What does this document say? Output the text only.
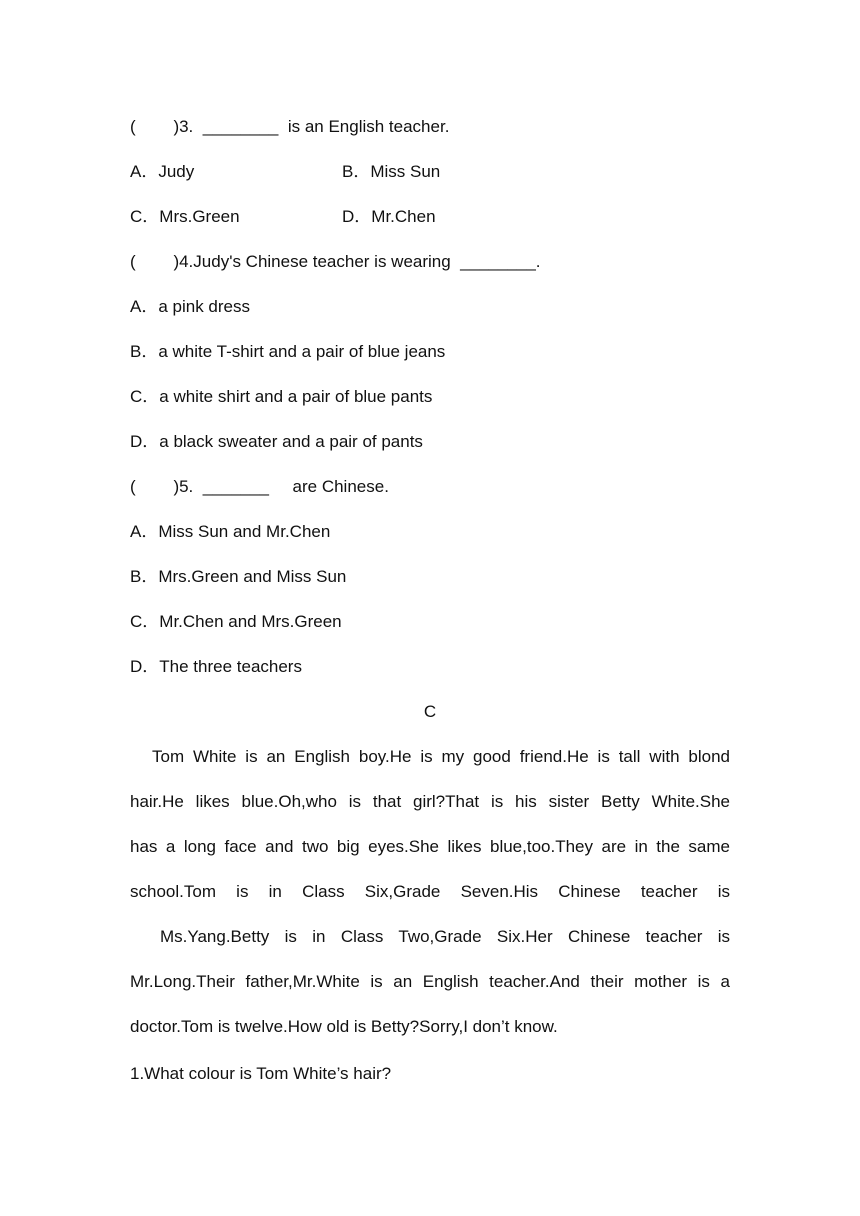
(        )3.  ________  is an English teacher.
A．Judy	B．Miss Sun
C．Mrs.Green	D．Mr.Chen
(        )4.Judy's Chinese teacher is wearing  ________.
A．a pink dress
B．a white T-shirt and a pair of blue jeans
C．a white shirt and a pair of blue pants
D．a black sweater and a pair of pants
(        )5.  _______     are Chinese.
A．Miss Sun and Mr.Chen
B．Mrs.Green and Miss Sun
C．Mr.Chen and Mrs.Green
D．The three teachers
C
Tom White is an English boy.He is my good friend.He is tall with blond
hair.He likes blue.Oh,who is that girl?That is his sister Betty White.She
has a long face and two big eyes.She likes blue,too.They are in the same
school.Tom is in Class Six,Grade Seven.His Chinese teacher is
Ms.Yang.Betty is in Class Two,Grade Six.Her Chinese teacher is
Mr.Long.Their father,Mr.White is an English teacher.And their mother is a
doctor.Tom is twelve.How old is Betty?Sorry,I don’t know.
1.What colour is Tom White’s hair?
